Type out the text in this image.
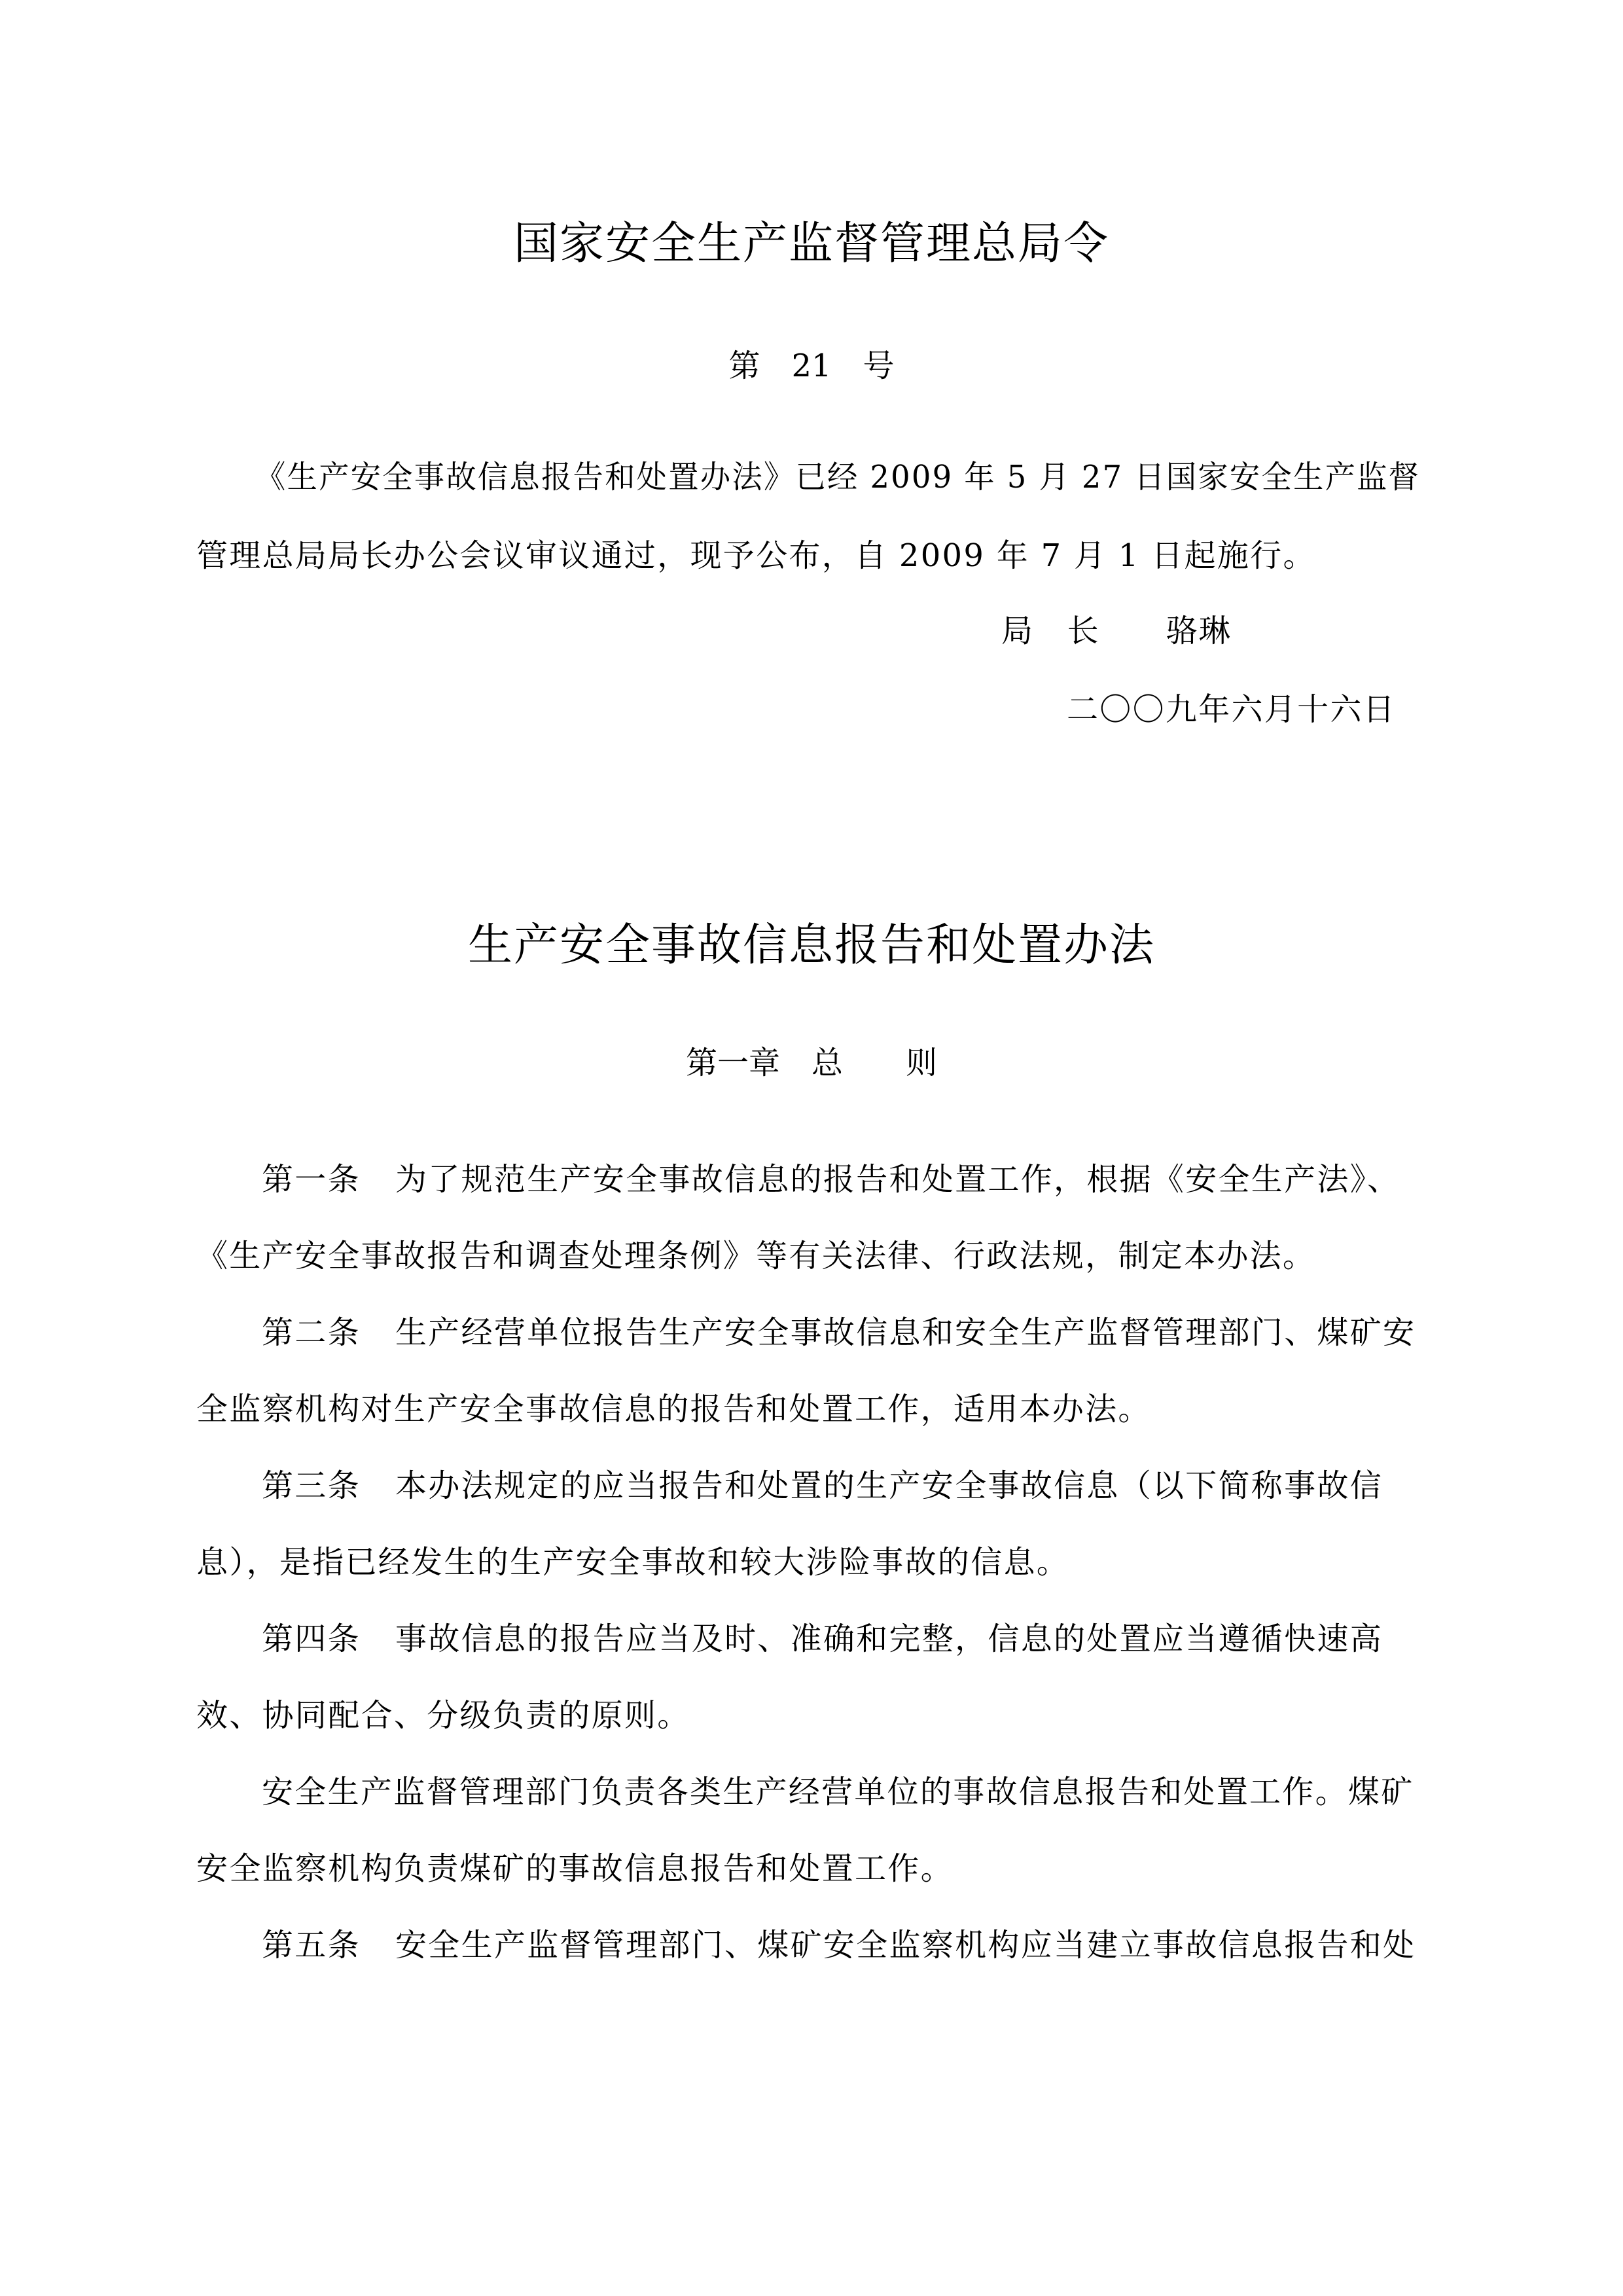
国家安全生产监督管理总局令
第　21　号
《生产安全事故信息报告和处置办法》已经 2009 年 5 月 27 日国家安全生产监督
管理总局局长办公会议审议通过，现予公布，自 2009 年 7 月 1 日起施行。
局　长　　骆琳
二〇〇九年六月十六日
生产安全事故信息报告和处置办法
第一章　总　　则
第一条 为了规范生产安全事故信息的报告和处置工作，根据《安全生产法》、
《生产安全事故报告和调查处理条例》等有关法律、行政法规，制定本办法。
第二条 生产经营单位报告生产安全事故信息和安全生产监督管理部门、煤矿安
全监察机构对生产安全事故信息的报告和处置工作，适用本办法。
第三条 本办法规定的应当报告和处置的生产安全事故信息（以下简称事故信
息），是指已经发生的生产安全事故和较大涉险事故的信息。
第四条 事故信息的报告应当及时、准确和完整，信息的处置应当遵循快速高
效、协同配合、分级负责的原则。
安全生产监督管理部门负责各类生产经营单位的事故信息报告和处置工作。煤矿
安全监察机构负责煤矿的事故信息报告和处置工作。
第五条 安全生产监督管理部门、煤矿安全监察机构应当建立事故信息报告和处
